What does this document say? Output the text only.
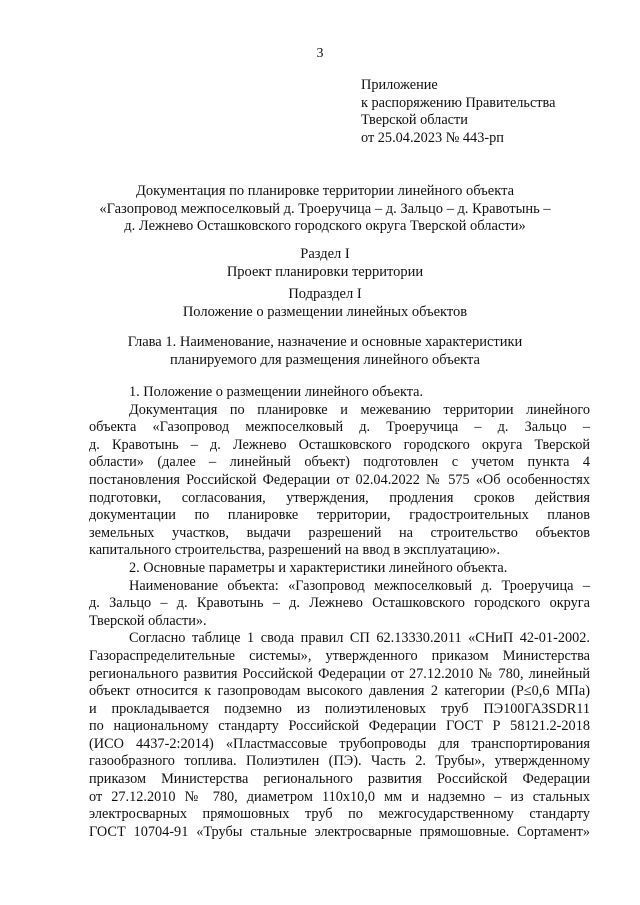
3
Приложение
к распоряжению Правительства
Тверской области
от 25.04.2023 № 443-рп
Документация по планировке территории линейного объекта
«Газопровод межпоселковый д. Троеручица – д. Зальцо – д. Кравотынь –
д. Лежнево Осташковского городского округа Тверской области»
Раздел I
Проект планировки территории
Подраздел I
Положение о размещении линейных объектов
Глава 1. Наименование, назначение и основные характеристики
планируемого для размещения линейного объекта
1. Положение о размещении линейного объекта.
Документация по планировке и межеванию территории линейного
объекта «Газопровод межпоселковый д. Троеручица – д. Зальцо –
д. Кравотынь – д. Лежнево Осташковского городского округа Тверской
области» (далее – линейный объект) подготовлен с учетом пункта 4
постановления Российской Федерации от 02.04.2022 № 575 «Об особенностях
подготовки, согласования, утверждения, продления сроков действия
документации по планировке территории, градостроительных планов
земельных участков, выдачи разрешений на строительство объектов
капитального строительства, разрешений на ввод в эксплуатацию».
2. Основные параметры и характеристики линейного объекта.
Наименование объекта: «Газопровод межпоселковый д. Троеручица –
д. Зальцо – д. Кравотынь – д. Лежнево Осташковского городского округа
Тверской области».
Согласно таблице 1 свода правил СП 62.13330.2011 «СНиП 42-01-2002.
Газораспределительные системы», утвержденного приказом Министерства
регионального развития Российской Федерации от 27.12.2010 № 780, линейный
объект относится к газопроводам высокого давления 2 категории (Р≤0,6 МПа)
и прокладывается подземно из полиэтиленовых труб ПЭ100ГАЗSDR11
по национальному стандарту Российской Федерации ГОСТ Р 58121.2-2018
(ИСО 4437-2:2014) «Пластмассовые трубопроводы для транспортирования
газообразного топлива. Полиэтилен (ПЭ). Часть 2. Трубы», утвержденному
приказом Министерства регионального развития Российской Федерации
от 27.12.2010 № 780, диаметром 110х10,0 мм и надземно – из стальных
электросварных прямошовных труб по межгосударственному стандарту
ГОСТ 10704-91 «Трубы стальные электросварные прямошовные. Сортамент»
